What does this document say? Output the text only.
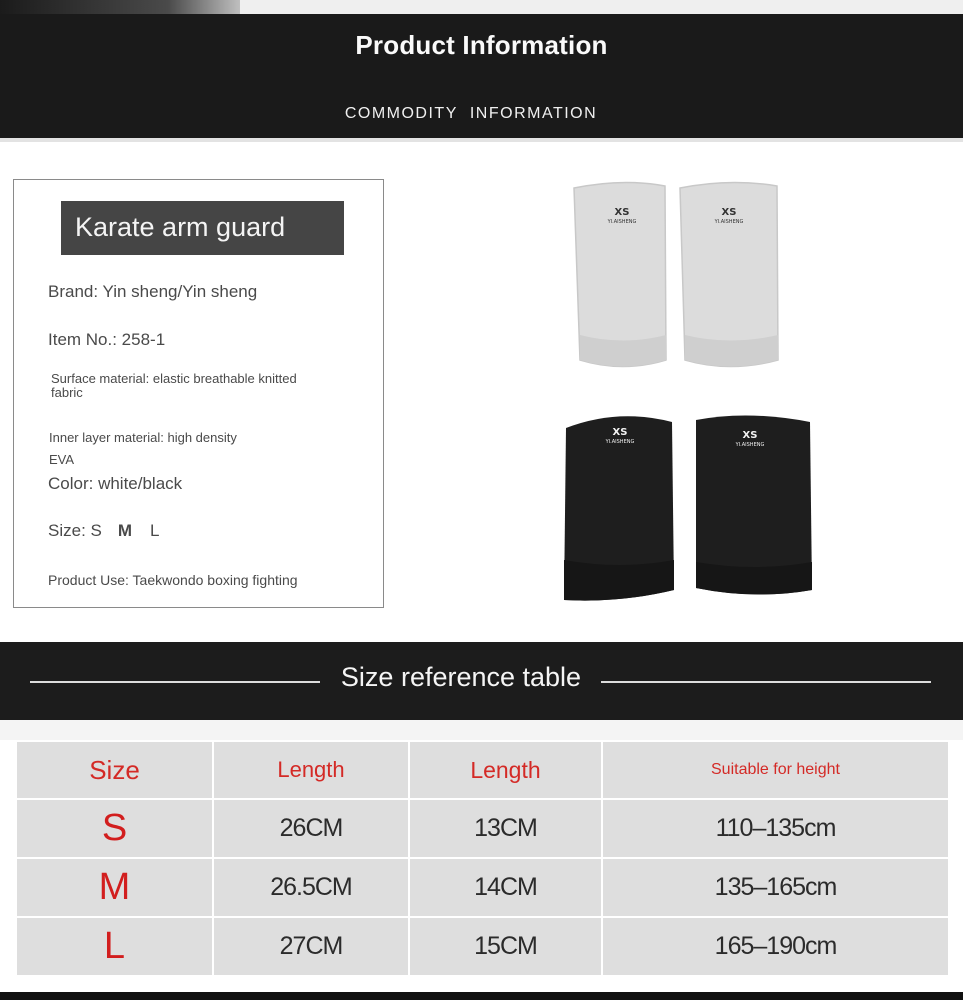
Product Information
COMMODITY INFORMATION
Karate arm guard
Brand: Yin sheng/Yin sheng
Item No.: 258-1
Surface material: elastic breathable knitted
fabric
Inner layer material: high density
EVA
Color: white/black
Size: S M L
Product Use: Taekwondo boxing fighting
XS
YI.AISHENG
XS
YI.AISHENG
XS
YI.AISHENG
XS
YI.AISHENG
Size reference table
Size	Length	Length	Suitable for height
S	26CM	13CM	110–135cm
M	26.5CM	14CM	135–165cm
L	27CM	15CM	165–190cm
